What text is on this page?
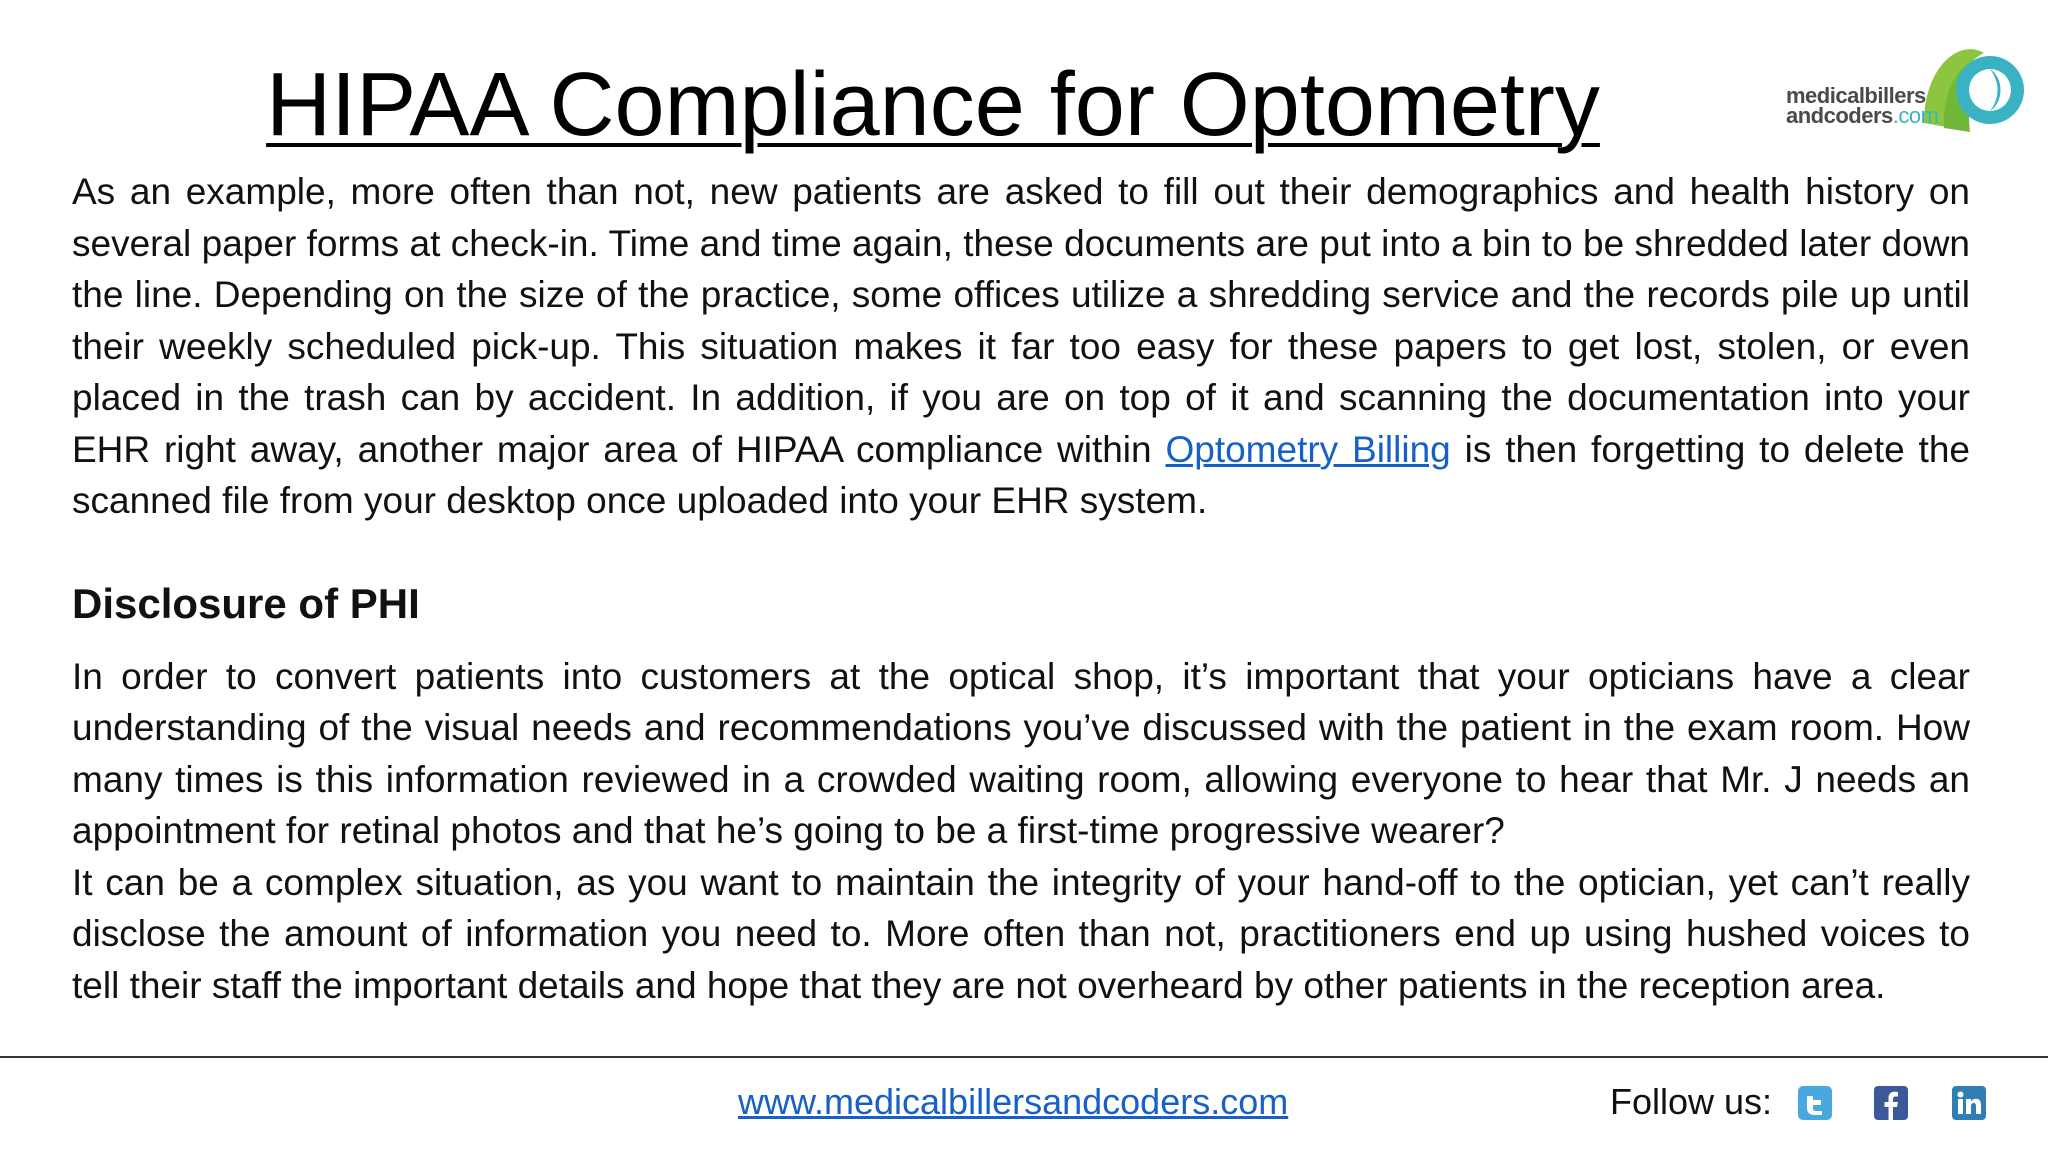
HIPAA Compliance for Optometry	medicalbillers
andcoders.com

As an example, more often than not, new patients are asked to fill out their demographics and health history on several paper forms at check-in. Time and time again, these documents are put into a bin to be shredded later down the line. Depending on the size of the practice, some offices utilize a shredding service and the records pile up until their weekly scheduled pick-up. This situation makes it far too easy for these papers to get lost, stolen, or even placed in the trash can by accident. In addition, if you are on top of it and scanning the documentation into your EHR right away, another major area of HIPAA compliance within Optometry Billing is then forgetting to delete the scanned file from your desktop once uploaded into your EHR system.

Disclosure of PHI

In order to convert patients into customers at the optical shop, it’s important that your opticians have a clear understanding of the visual needs and recommendations you’ve discussed with the patient in the exam room. How many times is this information reviewed in a crowded waiting room, allowing everyone to hear that Mr. J needs an appointment for retinal photos and that he’s going to be a first-time progressive wearer?

It can be a complex situation, as you want to maintain the integrity of your hand-off to the optician, yet can’t really disclose the amount of information you need to. More often than not, practitioners end up using hushed voices to tell their staff the important details and hope that they are not overheard by other patients in the reception area.

www.medicalbillersandcoders.com	Follow us:
